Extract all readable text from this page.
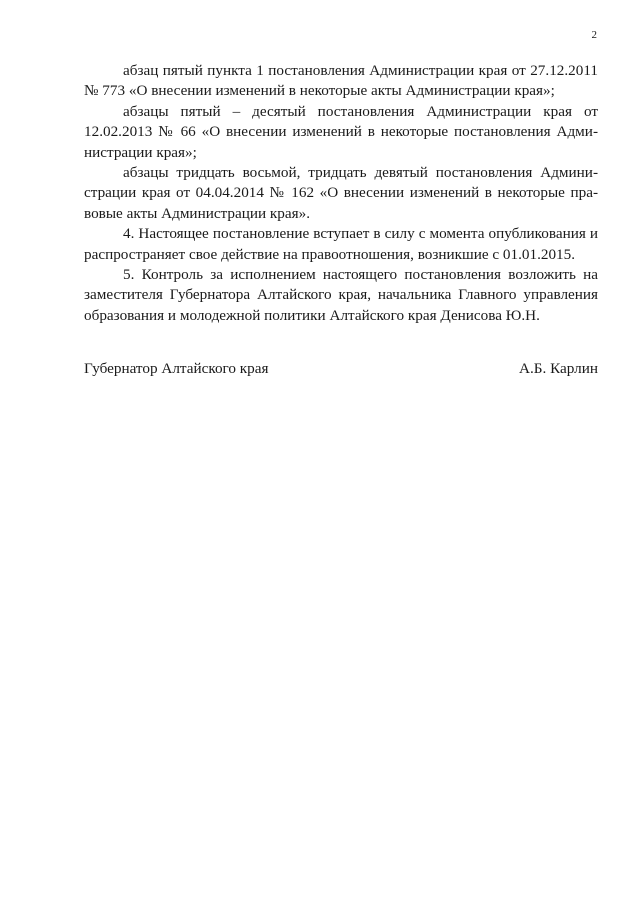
2

абзац пятый пункта 1 постановления Администрации края от 27.12.2011 № 773 «О внесении изменений в некоторые акты Администрации края»;

абзацы пятый – десятый постановления Администрации края от 12.02.2013 № 66 «О внесении изменений в некоторые постановления Администрации края»;

абзацы тридцать восьмой, тридцать девятый постановления Администрации края от 04.04.2014 № 162 «О внесении изменений в некоторые правовые акты Администрации края».

4. Настоящее постановление вступает в силу с момента опубликования и распространяет свое действие на правоотношения, возникшие с 01.01.2015.

5. Контроль за исполнением настоящего постановления возложить на заместителя Губернатора Алтайского края, начальника Главного управления образования и молодежной политики Алтайского края Денисова Ю.Н.

Губернатор Алтайского края	А.Б. Карлин
